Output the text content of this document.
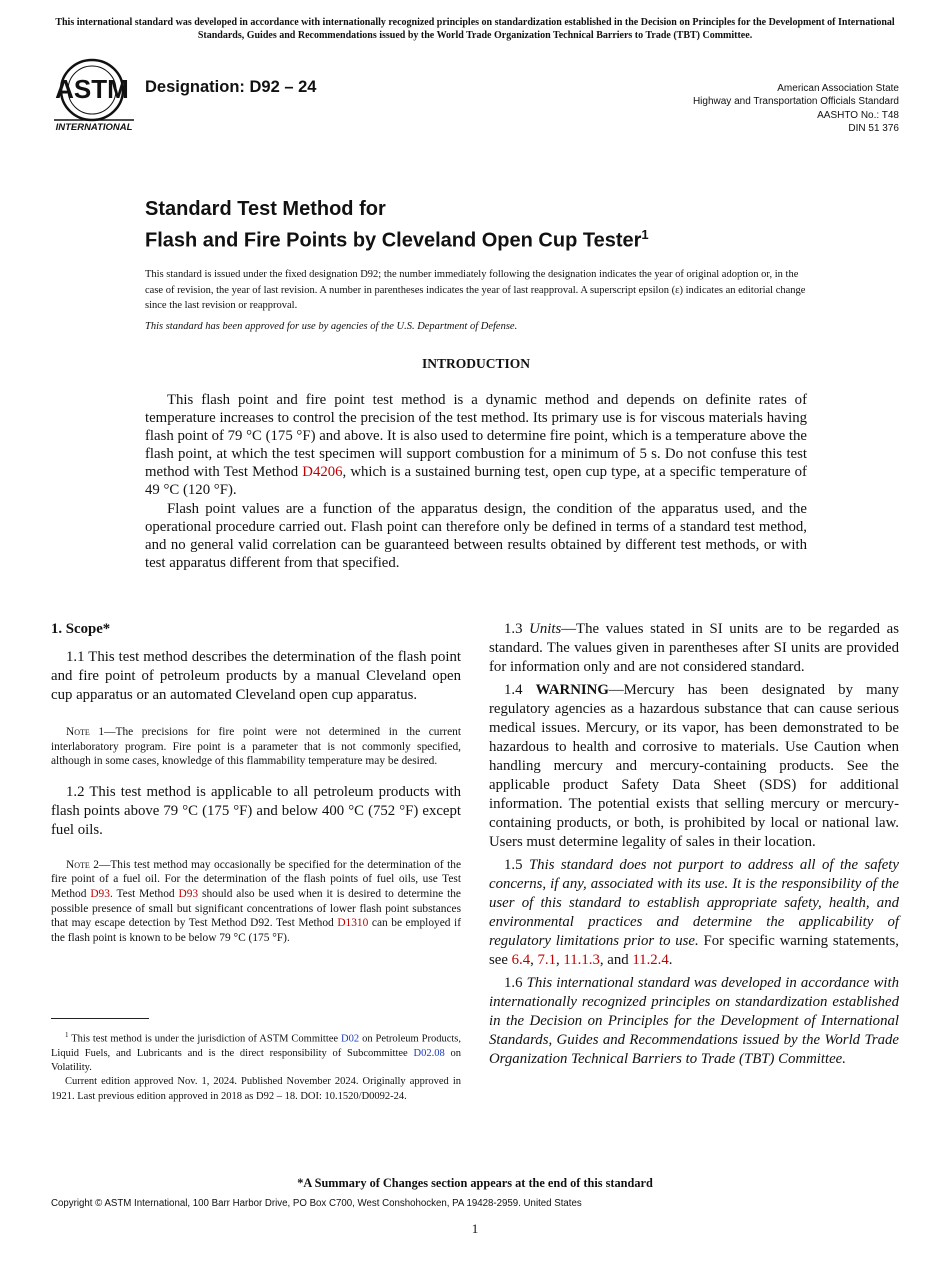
This international standard was developed in accordance with internationally recognized principles on standardization established in the Decision on Principles for the Development of International Standards, Guides and Recommendations issued by the World Trade Organization Technical Barriers to Trade (TBT) Committee.
ASTM
INTERNATIONAL
Designation: D92 – 24	American Association State
Highway and Transportation Officials Standard
AASHTO No.: T48
DIN 51 376
Standard Test Method for
Flash and Fire Points by Cleveland Open Cup Tester$^1$
This standard is issued under the fixed designation D92; the number immediately following the designation indicates the year of original adoption or, in the case of revision, the year of last revision. A number in parentheses indicates the year of last reapproval. A superscript epsilon (ε) indicates an editorial change since the last revision or reapproval.
This standard has been approved for use by agencies of the U.S. Department of Defense.
INTRODUCTION

This flash point and fire point test method is a dynamic method and depends on definite rates of temperature increases to control the precision of the test method. Its primary use is for viscous materials having flash point of 79 °C (175 °F) and above. It is also used to determine fire point, which is a temperature above the flash point, at which the test specimen will support combustion for a minimum of 5 s. Do not confuse this test method with Test Method D4206, which is a sustained burning test, open cup type, at a specific temperature of 49 °C (120 °F).

Flash point values are a function of the apparatus design, the condition of the apparatus used, and the operational procedure carried out. Flash point can therefore only be defined in terms of a standard test method, and no general valid correlation can be guaranteed between results obtained by different test methods, or with test apparatus different from that specified.

1. Scope*

1.1 This test method describes the determination of the flash point and fire point of petroleum products by a manual Cleveland open cup apparatus or an automated Cleveland open cup apparatus.

Note 1—The precisions for fire point were not determined in the current interlaboratory program. Fire point is a parameter that is not commonly specified, although in some cases, knowledge of this flammability temperature may be desired.

1.2 This test method is applicable to all petroleum products with flash points above 79 °C (175 °F) and below 400 °C (752 °F) except fuel oils.

Note 2—This test method may occasionally be specified for the determination of the fire point of a fuel oil. For the determination of the flash points of fuel oils, use Test Method D93. Test Method D93 should also be used when it is desired to determine the possible presence of small but significant concentrations of lower flash point substances that may escape detection by Test Method D92. Test Method D1310 can be employed if the flash point is known to be below 79 °C (175 °F).

1.3 Units—The values stated in SI units are to be regarded as standard. The values given in parentheses after SI units are provided for information only and are not considered standard.

1.4 WARNING—Mercury has been designated by many regulatory agencies as a hazardous substance that can cause serious medical issues. Mercury, or its vapor, has been demonstrated to be hazardous to health and corrosive to materials. Use Caution when handling mercury and mercury-containing products. See the applicable product Safety Data Sheet (SDS) for additional information. The potential exists that selling mercury or mercury-containing products, or both, is prohibited by local or national law. Users must determine legality of sales in their location.

1.5 This standard does not purport to address all of the safety concerns, if any, associated with its use. It is the responsibility of the user of this standard to establish appropriate safety, health, and environmental practices and determine the applicability of regulatory limitations prior to use. For specific warning statements, see 6.4, 7.1, 11.1.3, and 11.2.4.

1.6 This international standard was developed in accordance with internationally recognized principles on standardization established in the Decision on Principles for the Development of International Standards, Guides and Recommendations issued by the World Trade Organization Technical Barriers to Trade (TBT) Committee.

$^1$ This test method is under the jurisdiction of ASTM Committee D02 on Petroleum Products, Liquid Fuels, and Lubricants and is the direct responsibility of Subcommittee D02.08 on Volatility.

Current edition approved Nov. 1, 2024. Published November 2024. Originally approved in 1921. Last previous edition approved in 2018 as D92 – 18. DOI: 10.1520/D0092-24.

*A Summary of Changes section appears at the end of this standard
Copyright © ASTM International, 100 Barr Harbor Drive, PO Box C700, West Conshohocken, PA 19428-2959. United States
1
